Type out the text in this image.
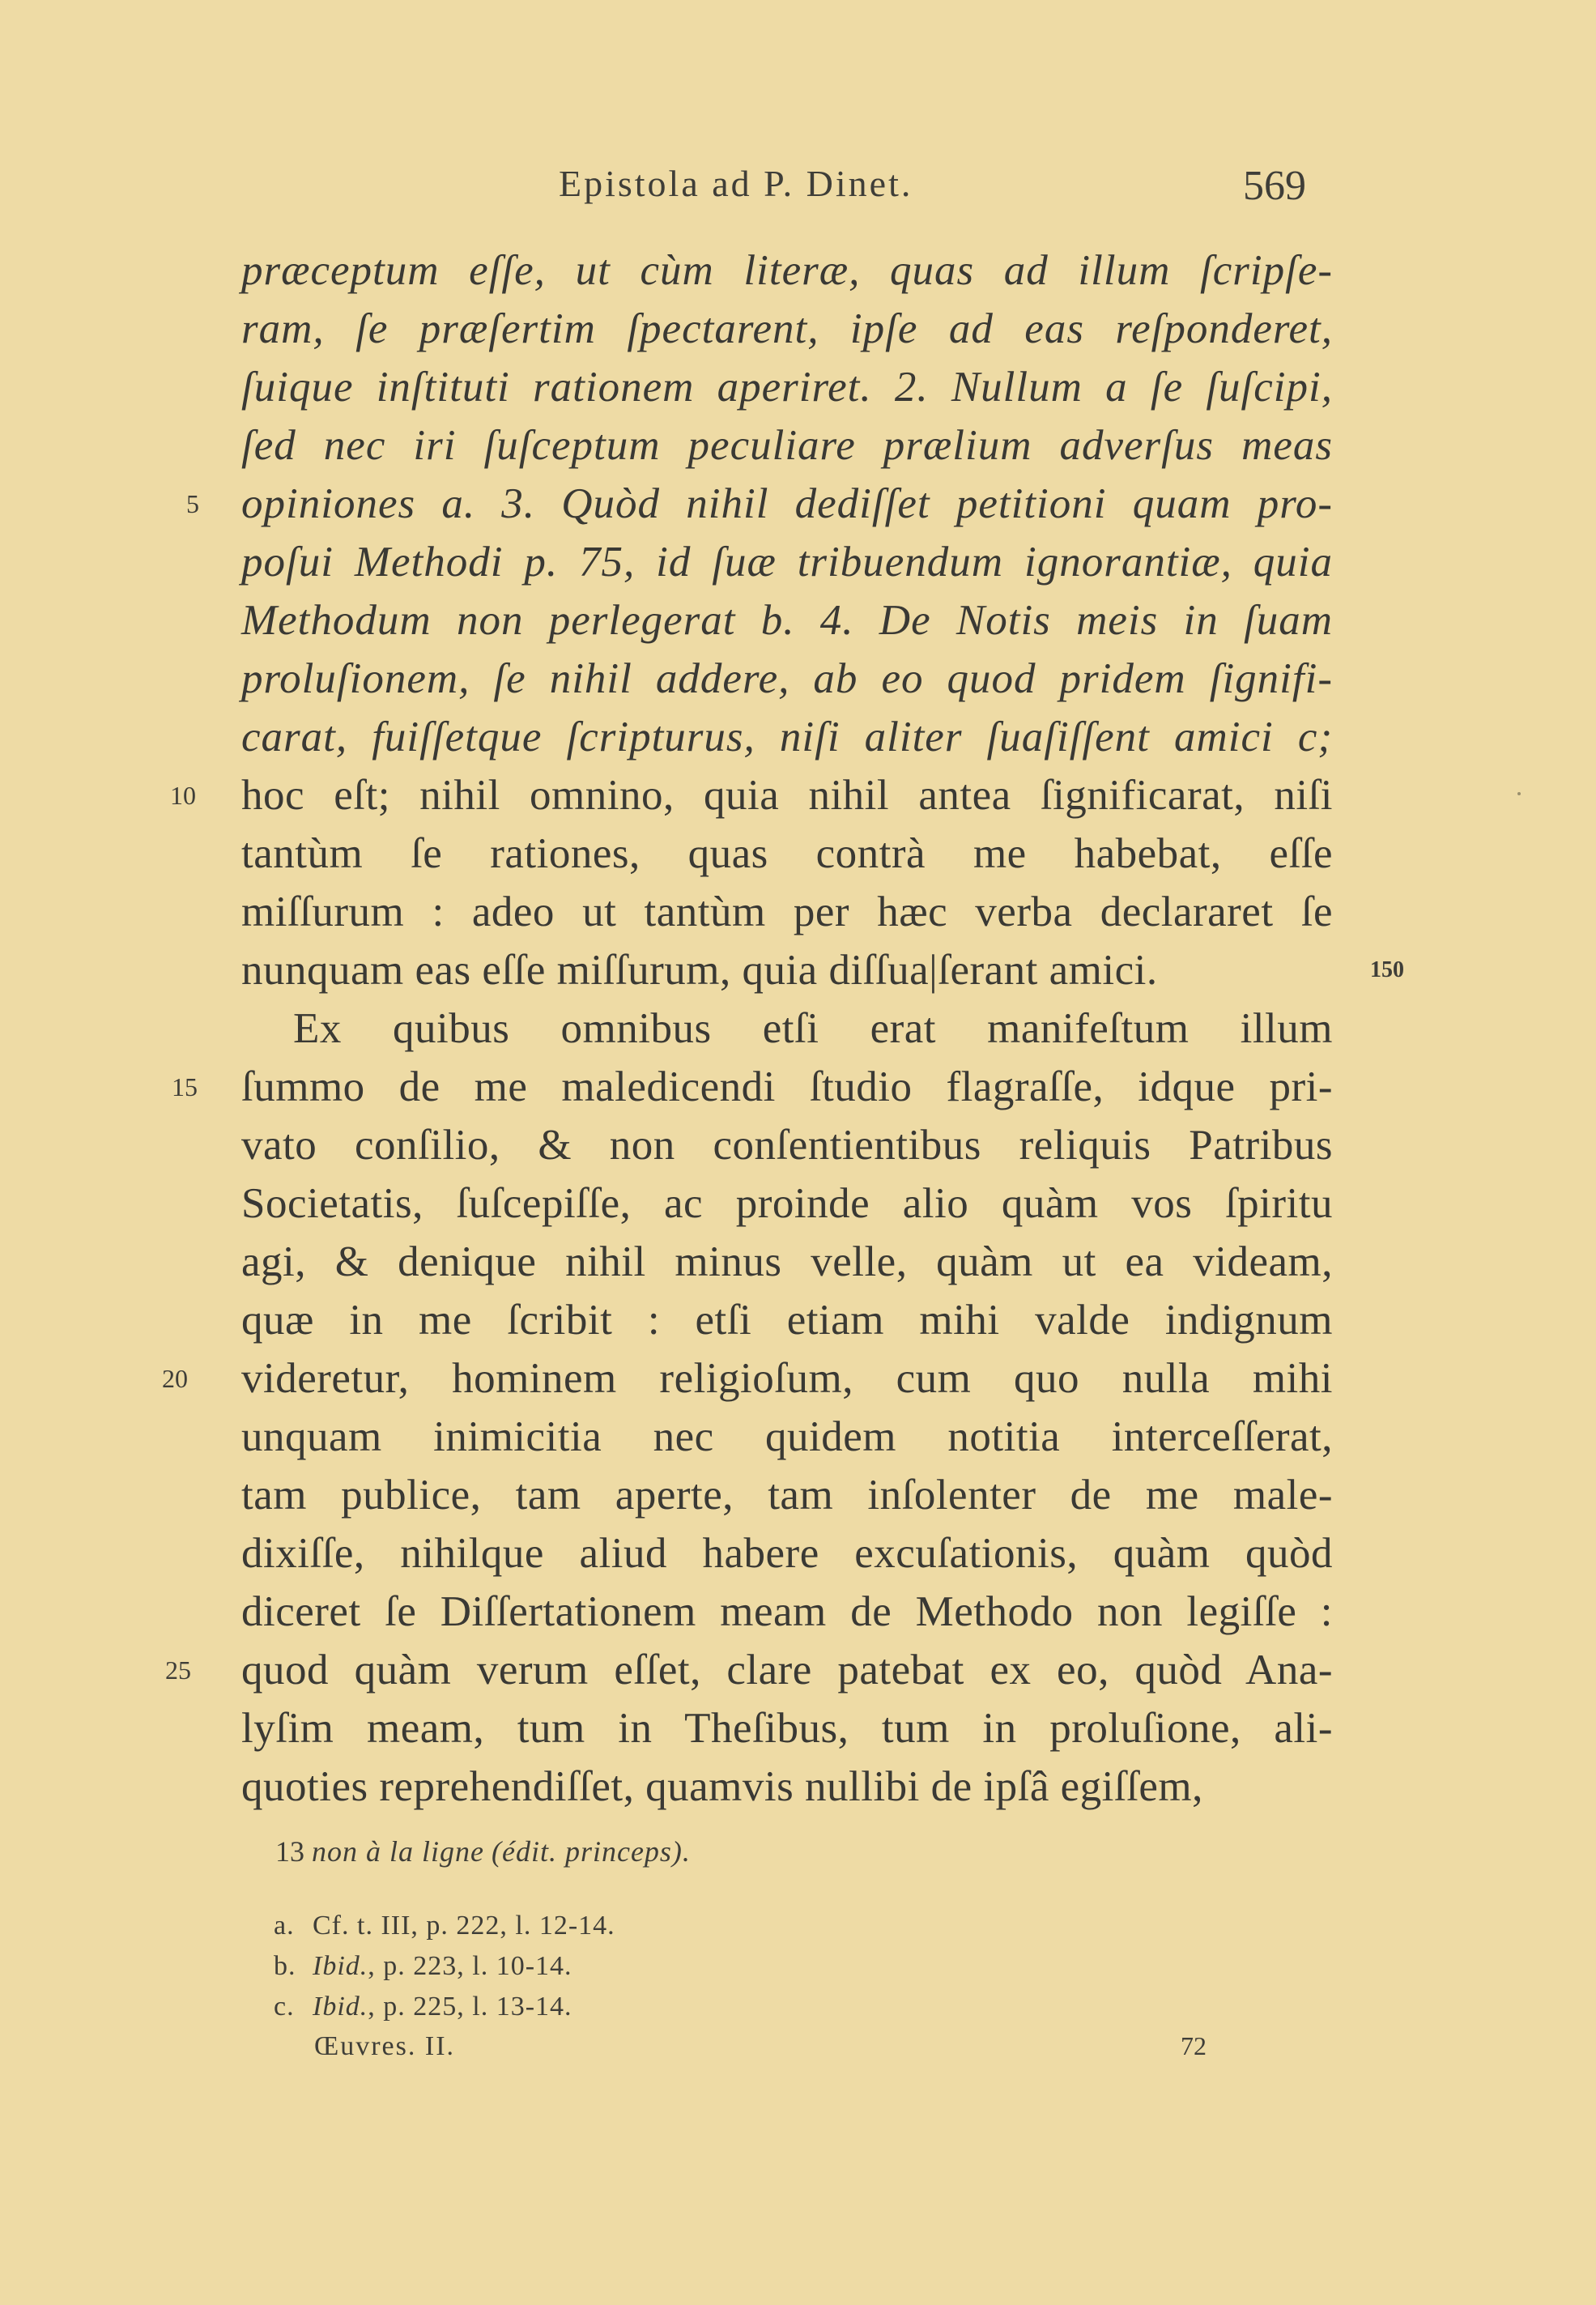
Epistola ad P. Dinet.	569
præceptum eſſe, ut cùm literæ, quas ad illum ſcripſe-
ram, ſe præſertim ſpectarent, ipſe ad eas reſponderet,
ſuique inſtituti rationem aperiret. 2. Nullum a ſe ſuſcipi,
ſed nec iri ſuſceptum peculiare prælium adverſus meas
opiniones a. 3. Quòd nihil dediſſet petitioni quam pro-
poſui Methodi p. 75, id ſuæ tribuendum ignorantiæ, quia
Methodum non perlegerat b. 4. De Notis meis in ſuam
proluſionem, ſe nihil addere, ab eo quod pridem ſignifi-
carat, fuiſſetque ſcripturus, niſi aliter ſuaſiſſent amici c;
hoc eſt; nihil omnino, quia nihil antea ſignificarat, niſi
tantùm ſe rationes, quas contrà me habebat, eſſe
miſſurum : adeo ut tantùm per hæc verba declararet ſe
nunquam eas eſſe miſſurum, quia diſſua|ſerant amici.
Ex quibus omnibus etſi erat manifeſtum illum
ſummo de me maledicendi ſtudio flagraſſe, idque pri-
vato conſilio, & non conſentientibus reliquis Patribus
Societatis, ſuſcepiſſe, ac proinde alio quàm vos ſpiritu
agi, & denique nihil minus velle, quàm ut ea videam,
quæ in me ſcribit : etſi etiam mihi valde indignum
videretur, hominem religioſum, cum quo nulla mihi
unquam inimicitia nec quidem notitia interceſſerat,
tam publice, tam aperte, tam inſolenter de me male-
dixiſſe, nihilque aliud habere excuſationis, quàm quòd
diceret ſe Diſſertationem meam de Methodo non legiſſe :
quod quàm verum eſſet, clare patebat ex eo, quòd Ana-
lyſim meam, tum in Theſibus, tum in proluſione, ali-
quoties reprehendiſſet, quamvis nullibi de ipſâ egiſſem,
5
10
15
20
25
150
13 non à la ligne (édit. princeps).
a. Cf. t. III, p. 222, l. 12-14.
b. Ibid., p. 223, l. 10-14.
c. Ibid., p. 225, l. 13-14.
Œuvres. II.	72
